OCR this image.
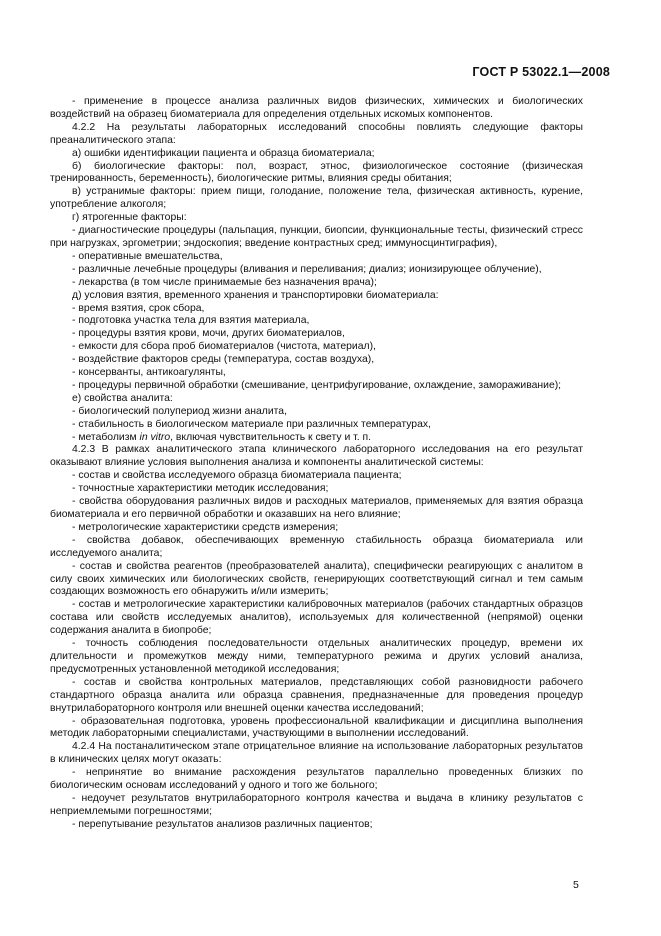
ГОСТ Р 53022.1—2008

- применение в процессе анализа различных видов физических, химических и биологических воздействий на образец биоматериала для определения отдельных искомых компонентов.

4.2.2 На результаты лабораторных исследований способны повлиять следующие факторы преаналитического этапа:

а) ошибки идентификации пациента и образца биоматериала;

б) биологические факторы: пол, возраст, этнос, физиологическое состояние (физическая тренированность, беременность), биологические ритмы, влияния среды обитания;

в) устранимые факторы: прием пищи, голодание, положение тела, физическая активность, курение, употребление алкоголя;

г) ятрогенные факторы:

- диагностические процедуры (пальпация, пункции, биопсии, функциональные тесты, физический стресс при нагрузках, эргометрии; эндоскопия; введение контрастных сред; иммуносцинтиграфия),

- оперативные вмешательства,

- различные лечебные процедуры (вливания и переливания; диализ; ионизирующее облучение),

- лекарства (в том числе принимаемые без назначения врача);

д) условия взятия, временного хранения и транспортировки биоматериала:

- время взятия, срок сбора,

- подготовка участка тела для взятия материала,

- процедуры взятия крови, мочи, других биоматериалов,

- емкости для сбора проб биоматериалов (чистота, материал),

- воздействие факторов среды (температура, состав воздуха),

- консерванты, антикоагулянты,

- процедуры первичной обработки (смешивание, центрифугирование, охлаждение, замораживание);

е) свойства аналита:

- биологический полупериод жизни аналита,

- стабильность в биологическом материале при различных температурах,

- метаболизм in vitro, включая чувствительность к свету и т. п.

4.2.3 В рамках аналитического этапа клинического лабораторного исследования на его результат оказывают влияние условия выполнения анализа и компоненты аналитической системы:

- состав и свойства исследуемого образца биоматериала пациента;

- точностные характеристики методик исследования;

- свойства оборудования различных видов и расходных материалов, применяемых для взятия образца биоматериала и его первичной обработки и оказавших на него влияние;

- метрологические характеристики средств измерения;

- свойства добавок, обеспечивающих временную стабильность образца биоматериала или исследуемого аналита;

- состав и свойства реагентов (преобразователей аналита), специфически реагирующих с аналитом в силу своих химических или биологических свойств, генерирующих соответствующий сигнал и тем самым создающих возможность его обнаружить и/или измерить;

- состав и метрологические характеристики калибровочных материалов (рабочих стандартных образцов состава или свойств исследуемых аналитов), используемых для количественной (непрямой) оценки содержания аналита в биопробе;

- точность соблюдения последовательности отдельных аналитических процедур, времени их длительности и промежутков между ними, температурного режима и других условий анализа, предусмотренных установленной методикой исследования;

- состав и свойства контрольных материалов, представляющих собой разновидности рабочего стандартного образца аналита или образца сравнения, предназначенные для проведения процедур внутрилабораторного контроля или внешней оценки качества исследований;

- образовательная подготовка, уровень профессиональной квалификации и дисциплина выполнения методик лабораторными специалистами, участвующими в выполнении исследований.

4.2.4 На постаналитическом этапе отрицательное влияние на использование лабораторных результатов в клинических целях могут оказать:

- непринятие во внимание расхождения результатов параллельно проведенных близких по биологическим основам исследований у одного и того же больного;

- недоучет результатов внутрилабораторного контроля качества и выдача в клинику результатов с неприемлемыми погрешностями;

- перепутывание результатов анализов различных пациентов;

5
